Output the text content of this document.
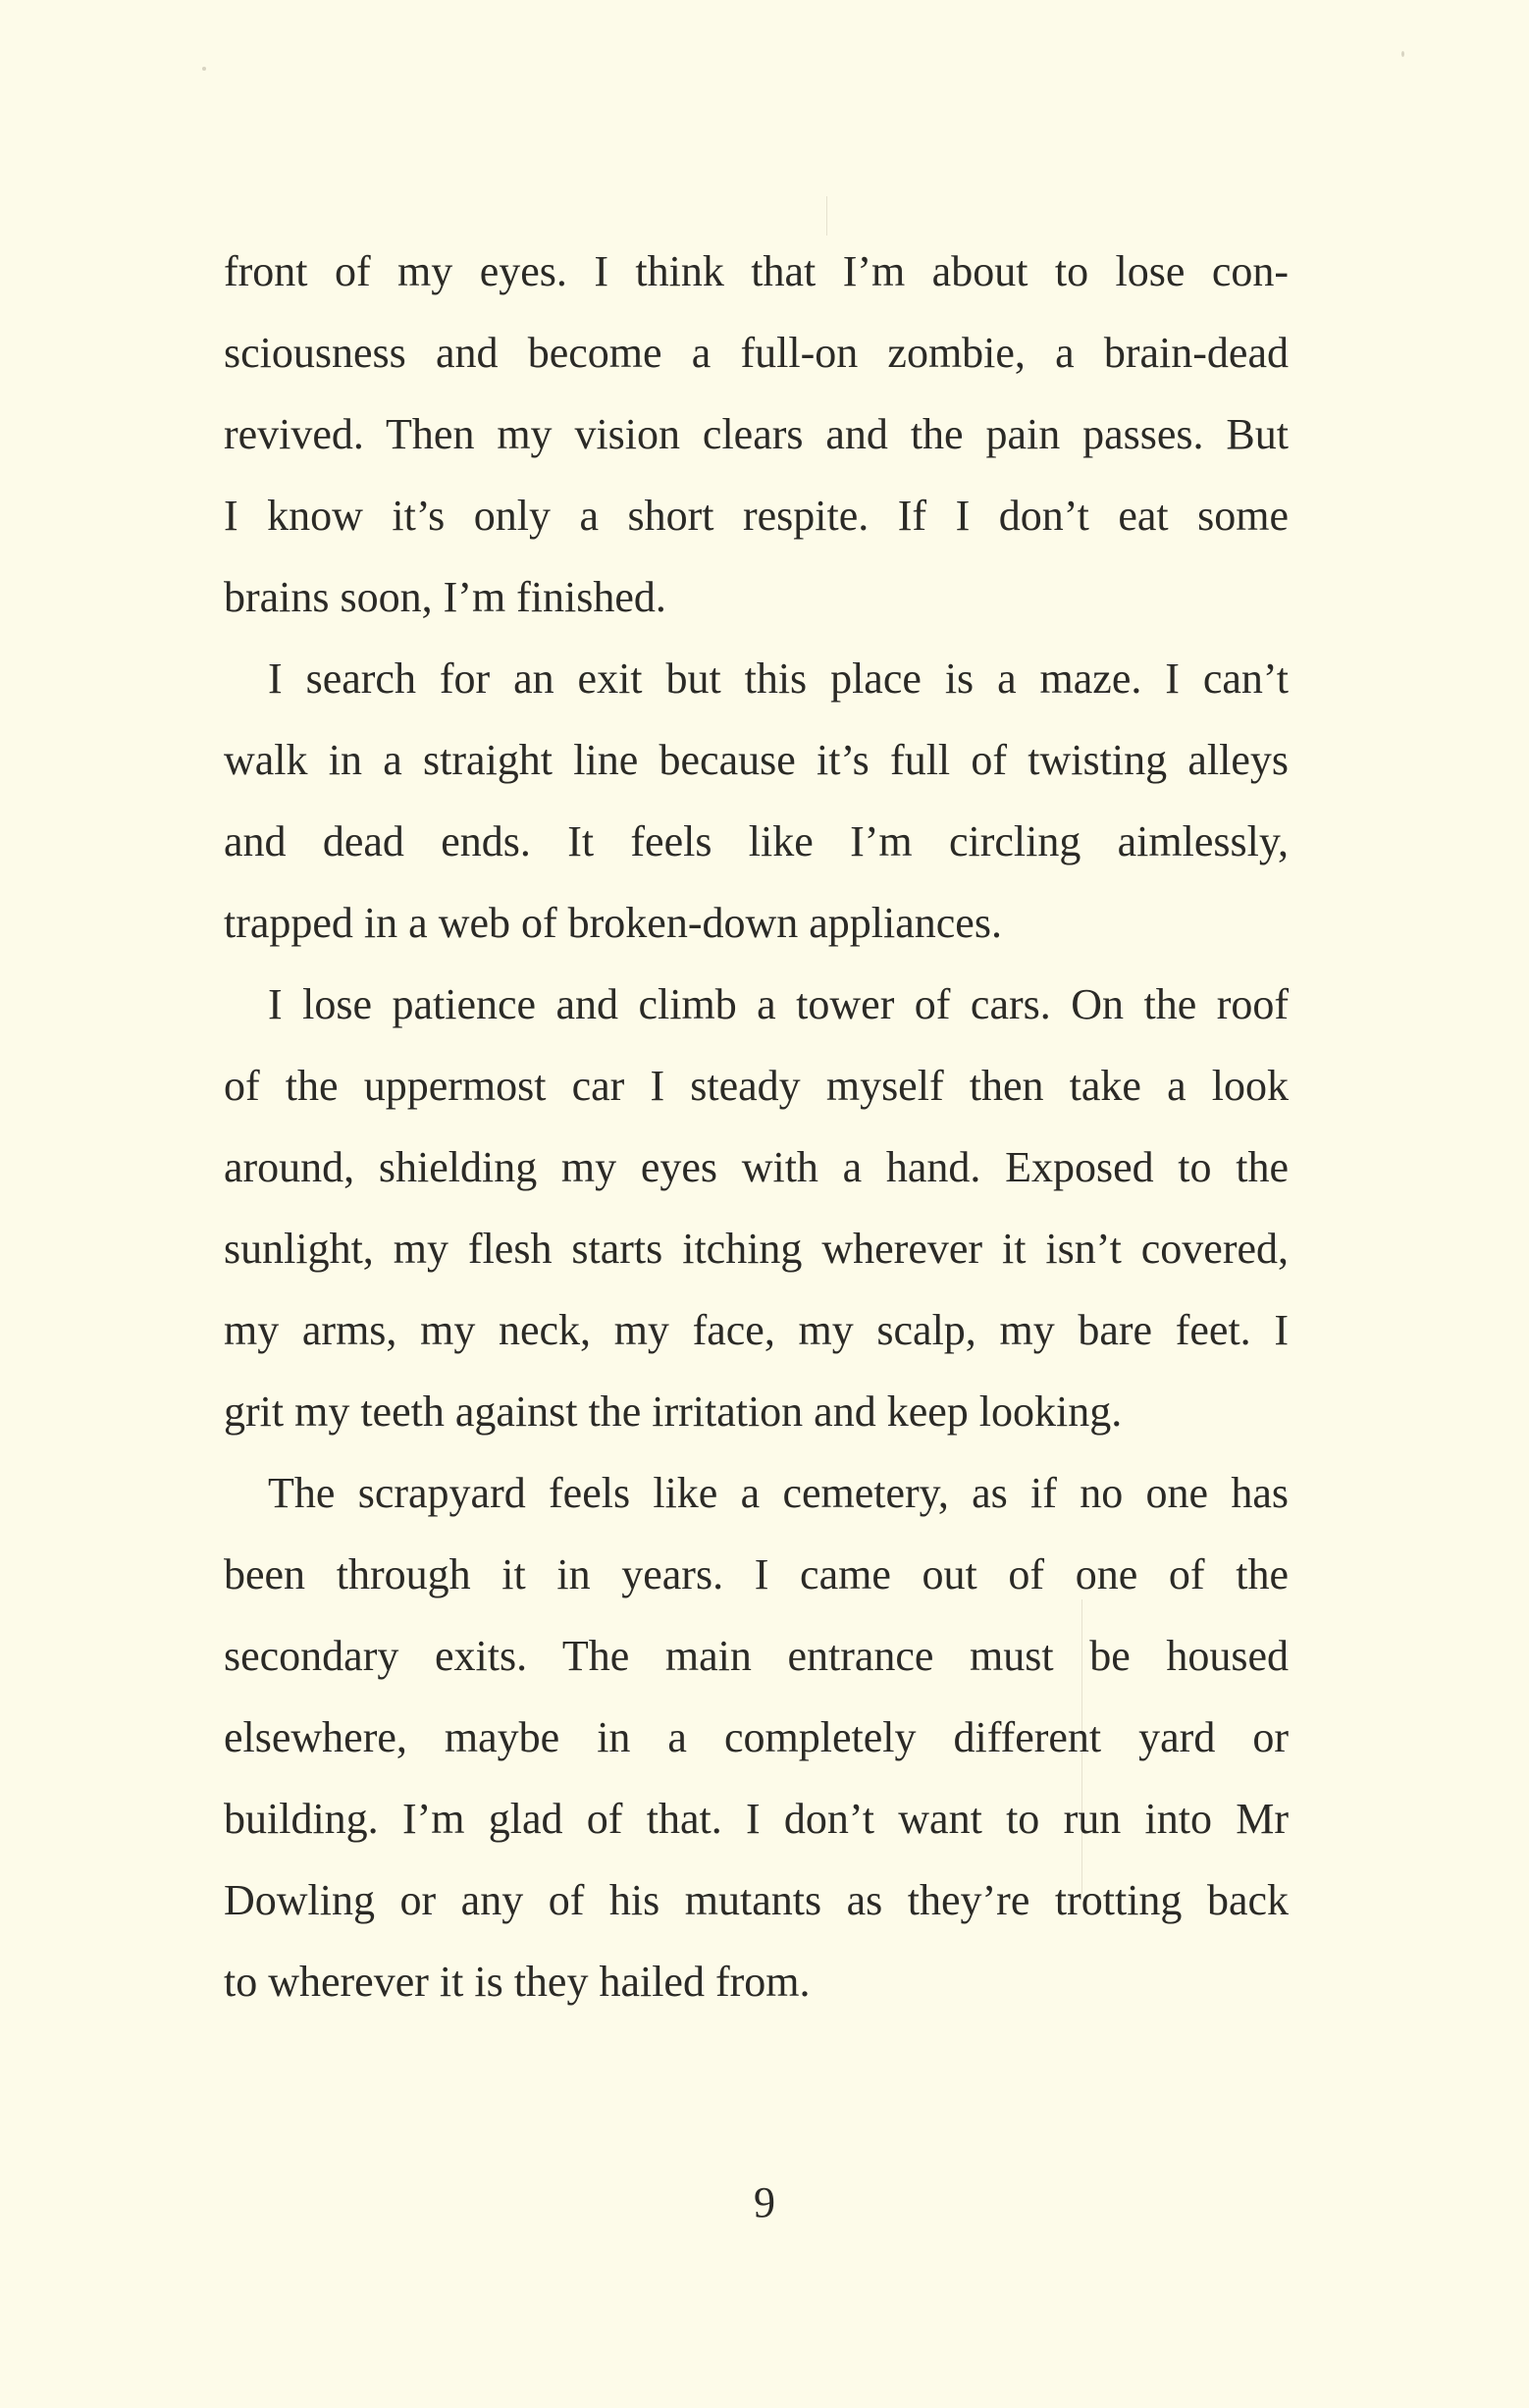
front of my eyes. I think that I’m about to lose con-
sciousness and become a full-on zombie, a brain-dead
revived. Then my vision clears and the pain passes. But
I know it’s only a short respite. If I don’t eat some
brains soon, I’m finished.
I search for an exit but this place is a maze. I can’t
walk in a straight line because it’s full of twisting alleys
and dead ends. It feels like I’m circling aimlessly,
trapped in a web of broken-down appliances.
I lose patience and climb a tower of cars. On the roof
of the uppermost car I steady myself then take a look
around, shielding my eyes with a hand. Exposed to the
sunlight, my flesh starts itching wherever it isn’t covered,
my arms, my neck, my face, my scalp, my bare feet. I
grit my teeth against the irritation and keep looking.
The scrapyard feels like a cemetery, as if no one has
been through it in years. I came out of one of the
secondary exits. The main entrance must be housed
elsewhere, maybe in a completely different yard or
building. I’m glad of that. I don’t want to run into Mr
Dowling or any of his mutants as they’re trotting back
to wherever it is they hailed from.
9
